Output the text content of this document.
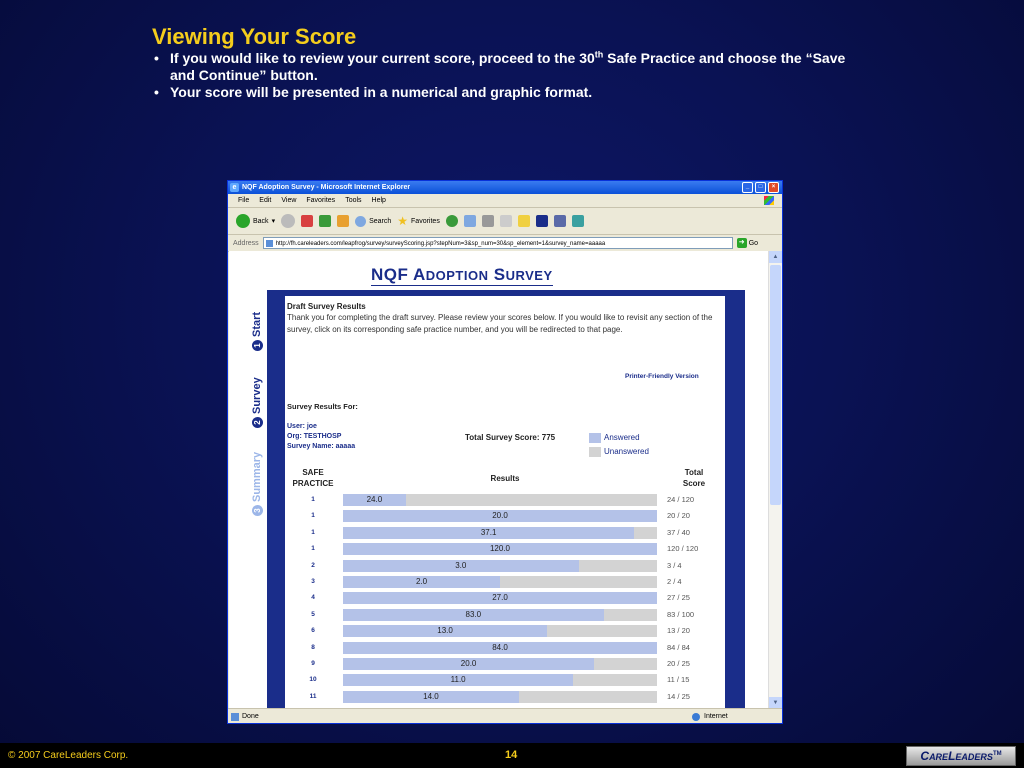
Viewing Your Score
• If you would like to review your current score, proceed to the 30th Safe Practice and choose the “Save and Continue” button.
• Your score will be presented in a numerical and graphic format.
e NQF Adoption Survey - Microsoft Internet Explorer	_	□	×
File Edit View Favorites Tools Help
Back ▾	Search ★ Favorites
Address	http://fh.careleaders.com/leapfrog/survey/surveyScoring.jsp?stepNum=3&sp_num=30&sp_element=1&survey_name=aaaaa	➜ Go
NQF ADOPTION SURVEY
1Start
2Survey
3Summary
Draft Survey Results
Thank you for completing the draft survey. Please review your scores below. If you would like to revisit any section of the survey, click on its corresponding safe practice number, and you will be redirected to that page.
Printer-Friendly Version
Survey Results For:
User: joe
Org: TESTHOSP
Survey Name: aaaaa
Total Survey Score: 775	Answered
Unanswered
SAFE
PRACTICE
Results
Total
Score
1	24.0	24 / 120
1	20.0	20 / 20
1	37.1	37 / 40
1	120.0	120 / 120
2	3.0	3 / 4
3	2.0	2 / 4
4	27.0	27 / 25
5	83.0	83 / 100
6	13.0	13 / 20
8	84.0	84 / 84
9	20.0	20 / 25
10	11.0	11 / 15
11	14.0	14 / 25
▲
▼
Done	Internet
© 2007 CareLeaders Corp.	14	CARELEADERS™
